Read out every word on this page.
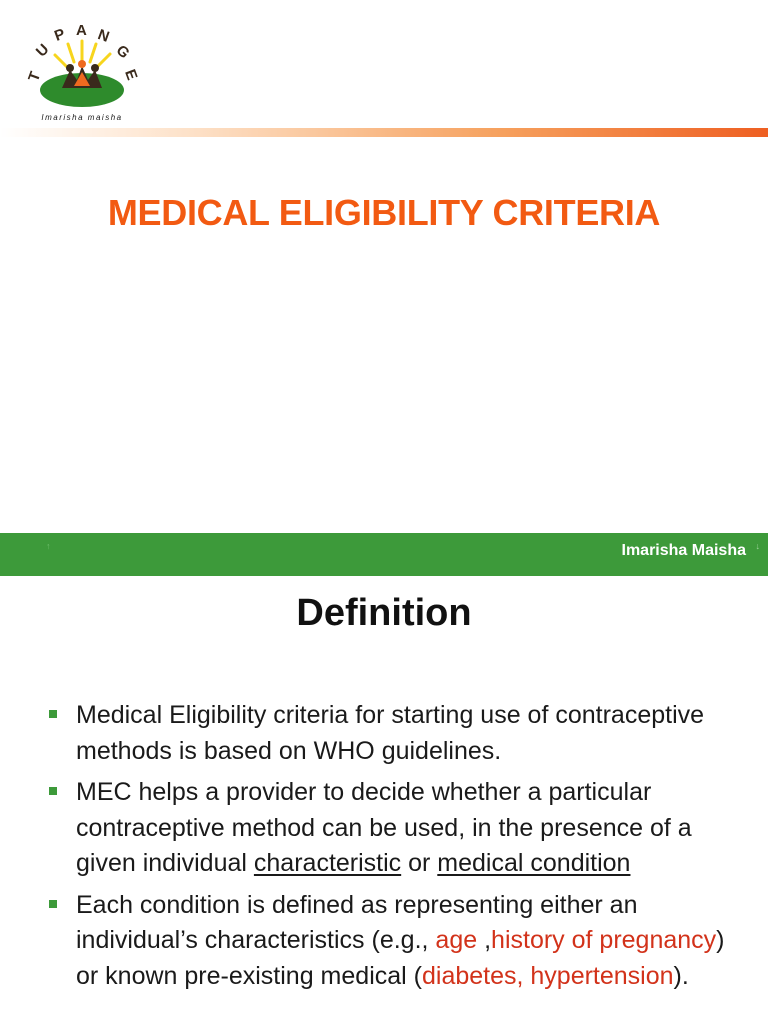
T
U
P A N
G
E
Imarisha maisha
MEDICAL ELIGIBILITY CRITERIA
↑	Imarisha Maisha ↓
Definition
Medical Eligibility criteria for starting use of contraceptive methods is based on WHO guidelines.
MEC helps a provider to decide whether a particular contraceptive method can be used, in the presence of a given individual characteristic or medical condition
Each condition is defined as representing either an individual’s characteristics (e.g., age ,history of pregnancy) or known pre-existing medical (diabetes, hypertension).
